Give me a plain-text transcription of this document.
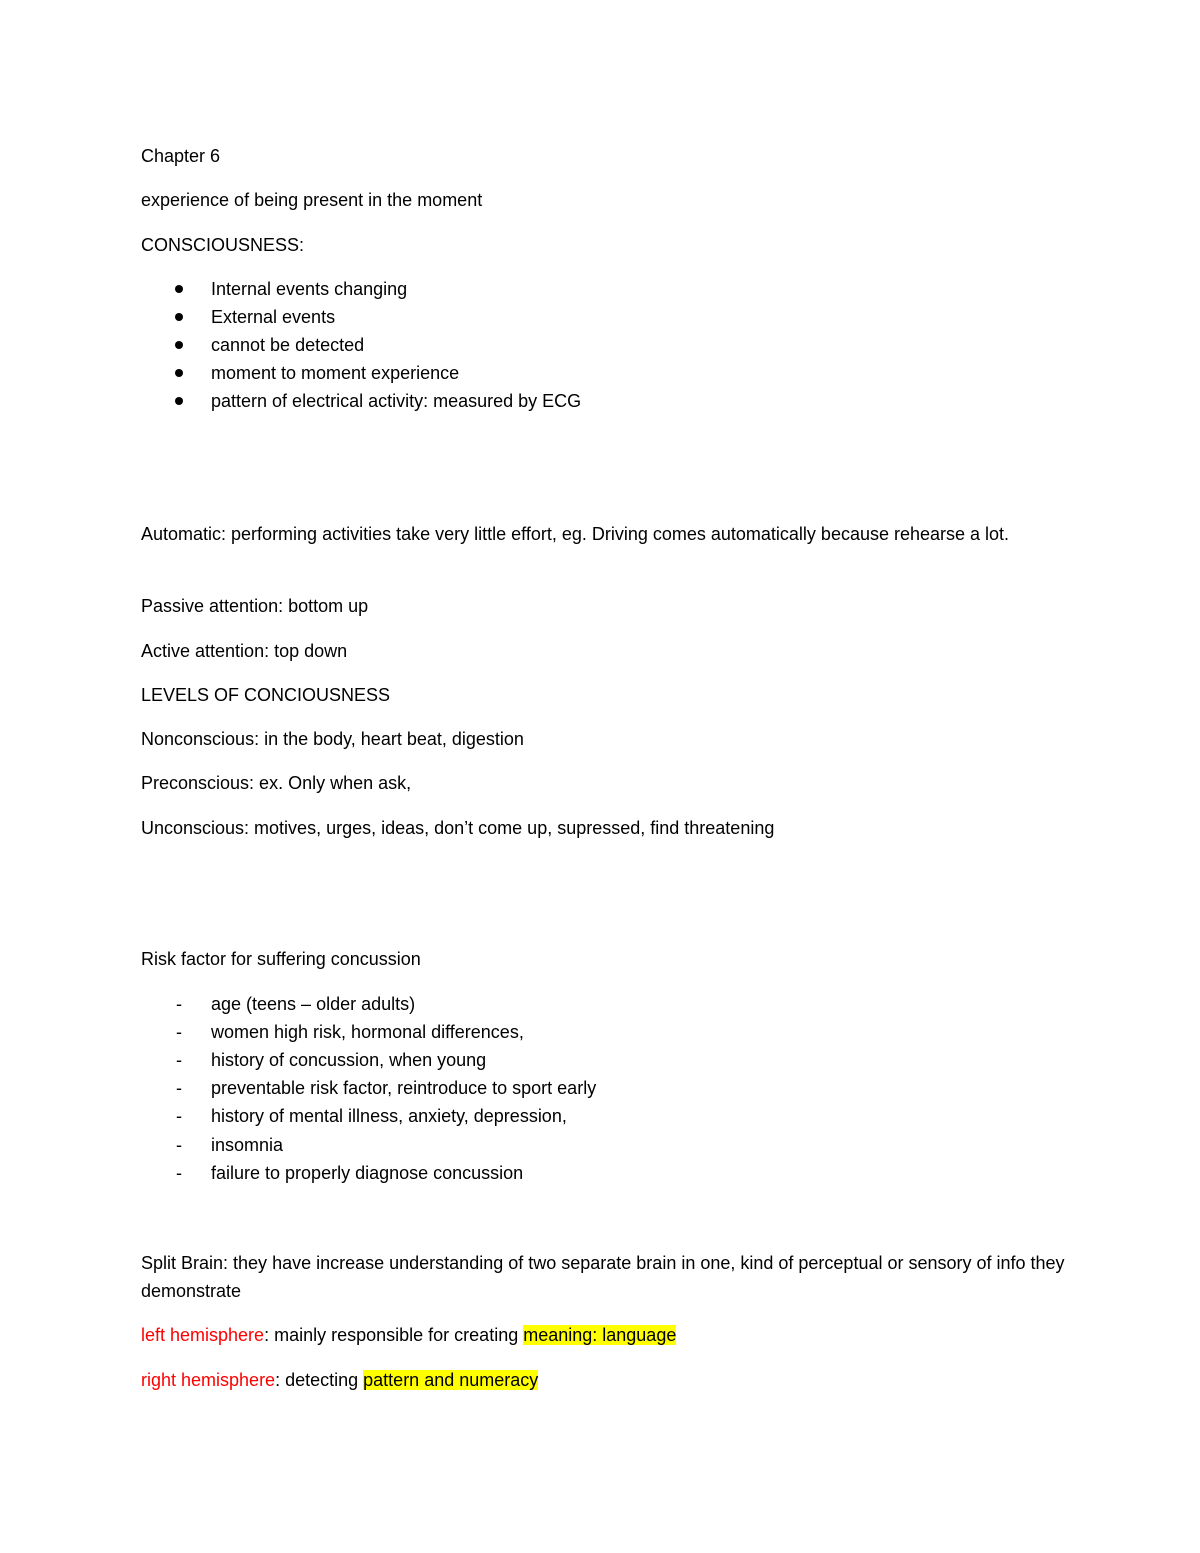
Chapter 6
experience of being present in the moment
CONSCIOUSNESS:
Internal events changing
External events
cannot be detected
moment to moment experience
pattern of electrical activity: measured by ECG
Automatic: performing activities take very little effort, eg. Driving comes automatically because rehearse a lot.
Passive attention: bottom up
Active attention: top down
LEVELS OF CONCIOUSNESS
Nonconscious: in the body, heart beat, digestion
Preconscious: ex. Only when ask,
Unconscious: motives, urges, ideas, don’t come up, supressed, find threatening
Risk factor for suffering concussion
- age (teens – older adults)
- women high risk, hormonal differences,
- history of concussion, when young
- preventable risk factor, reintroduce to sport early
- history of mental illness, anxiety, depression,
- insomnia
- failure to properly diagnose concussion
Split Brain: they have increase understanding of two separate brain in one, kind of perceptual or sensory of info they demonstrate
left hemisphere: mainly responsible for creating meaning: language
right hemisphere: detecting pattern and numeracy
